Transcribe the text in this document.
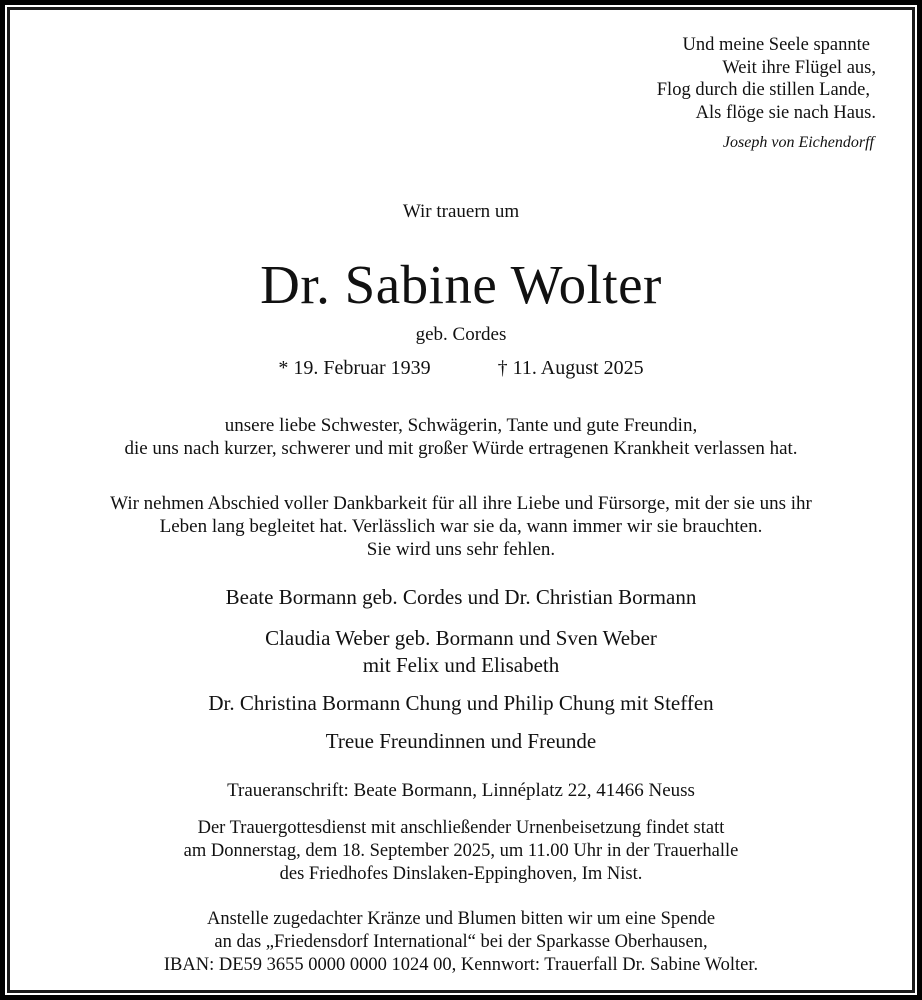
Und meine Seele spannte
Weit ihre Flügel aus,
Flog durch die stillen Lande,
Als flöge sie nach Haus.
Joseph von Eichendorff
Wir trauern um
Dr. Sabine Wolter
geb. Cordes
* 19. Februar 1939	† 11. August 2025
unsere liebe Schwester, Schwägerin, Tante und gute Freundin,
die uns nach kurzer, schwerer und mit großer Würde ertragenen Krankheit verlassen hat.
Wir nehmen Abschied voller Dankbarkeit für all ihre Liebe und Fürsorge, mit der sie uns ihr
Leben lang begleitet hat. Verlässlich war sie da, wann immer wir sie brauchten.
Sie wird uns sehr fehlen.
Beate Bormann geb. Cordes und Dr. Christian Bormann
Claudia Weber geb. Bormann und Sven Weber
mit Felix und Elisabeth
Dr. Christina Bormann Chung und Philip Chung mit Steffen
Treue Freundinnen und Freunde
Traueranschrift: Beate Bormann, Linnéplatz 22, 41466 Neuss
Der Trauergottesdienst mit anschließender Urnenbeisetzung findet statt
am Donnerstag, dem 18. September 2025, um 11.00 Uhr in der Trauerhalle
des Friedhofes Dinslaken-Eppinghoven, Im Nist.
Anstelle zugedachter Kränze und Blumen bitten wir um eine Spende
an das „Friedensdorf International“ bei der Sparkasse Oberhausen,
IBAN: DE59 3655 0000 0000 1024 00, Kennwort: Trauerfall Dr. Sabine Wolter.
